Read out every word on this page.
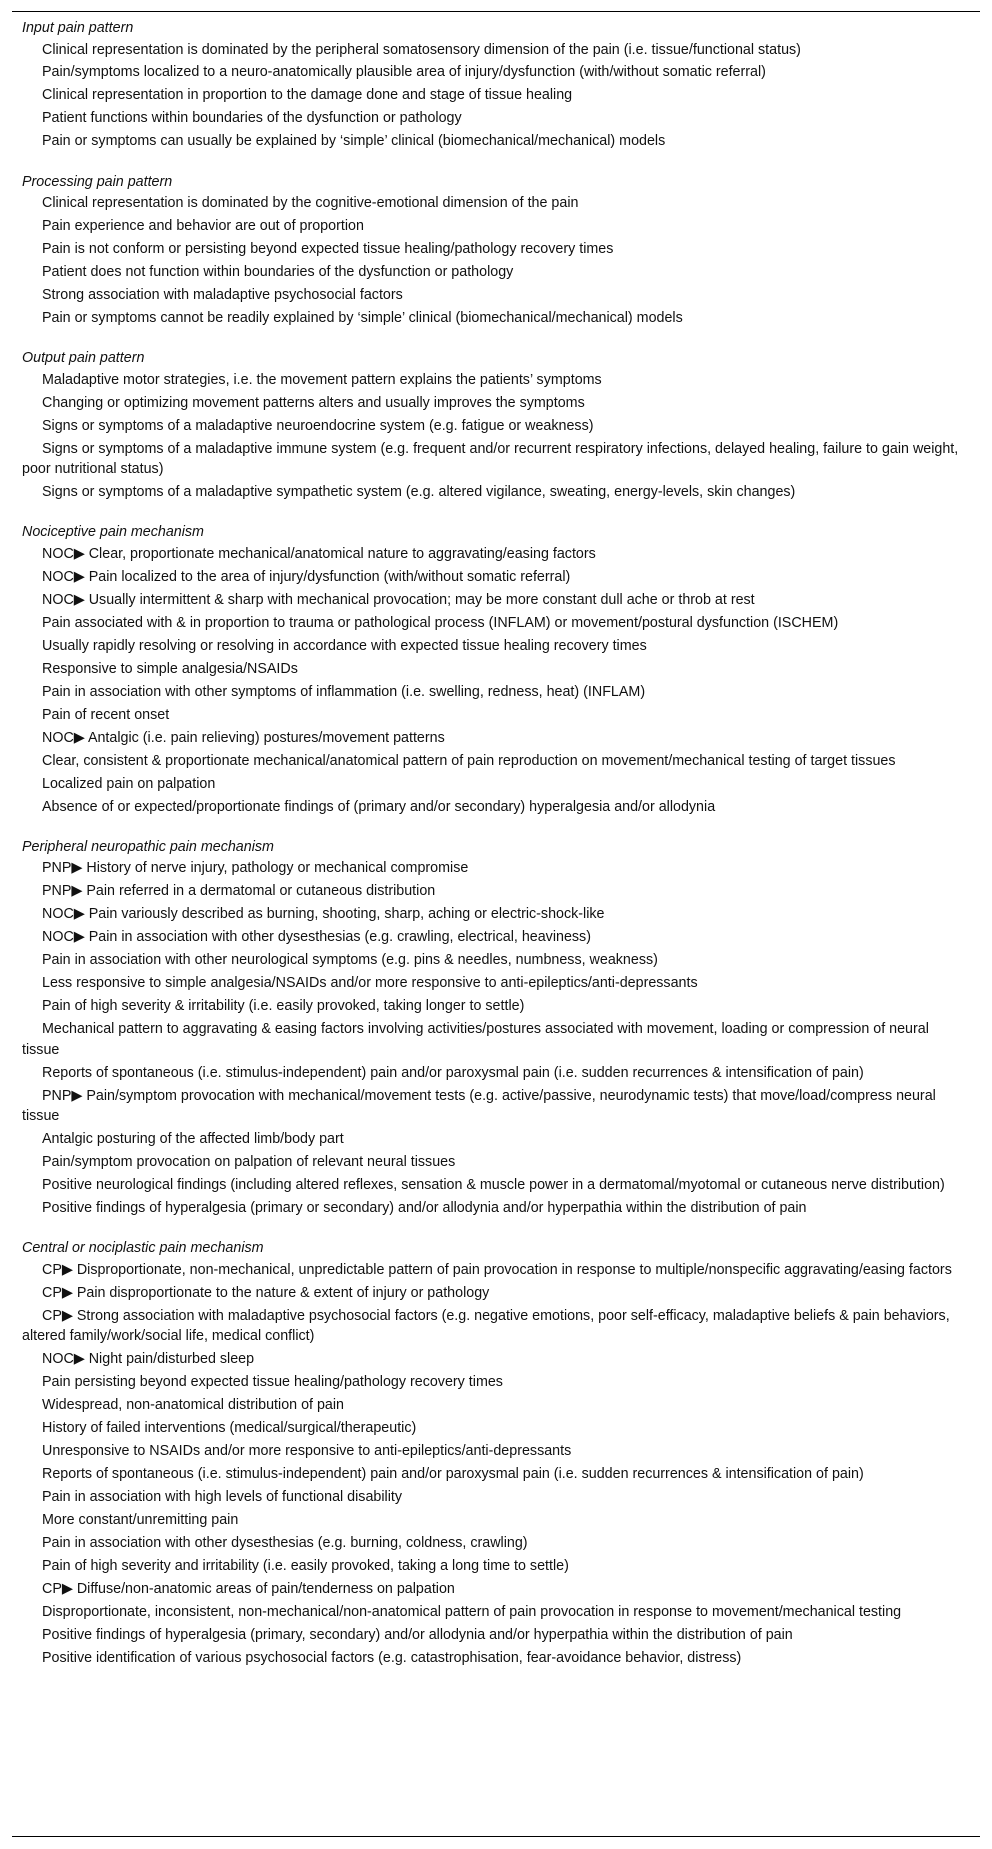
Input pain pattern
Clinical representation is dominated by the peripheral somatosensory dimension of the pain (i.e. tissue/functional status)
Pain/symptoms localized to a neuro-anatomically plausible area of injury/dysfunction (with/without somatic referral)
Clinical representation in proportion to the damage done and stage of tissue healing
Patient functions within boundaries of the dysfunction or pathology
Pain or symptoms can usually be explained by ‘simple’ clinical (biomechanical/mechanical) models
Processing pain pattern
Clinical representation is dominated by the cognitive-emotional dimension of the pain
Pain experience and behavior are out of proportion
Pain is not conform or persisting beyond expected tissue healing/pathology recovery times
Patient does not function within boundaries of the dysfunction or pathology
Strong association with maladaptive psychosocial factors
Pain or symptoms cannot be readily explained by ‘simple’ clinical (biomechanical/mechanical) models
Output pain pattern
Maladaptive motor strategies, i.e. the movement pattern explains the patients’ symptoms
Changing or optimizing movement patterns alters and usually improves the symptoms
Signs or symptoms of a maladaptive neuroendocrine system (e.g. fatigue or weakness)
Signs or symptoms of a maladaptive immune system (e.g. frequent and/or recurrent respiratory infections, delayed healing, failure to gain weight, poor nutritional status)
Signs or symptoms of a maladaptive sympathetic system (e.g. altered vigilance, sweating, energy-levels, skin changes)
Nociceptive pain mechanism
NOC▶ Clear, proportionate mechanical/anatomical nature to aggravating/easing factors
NOC▶ Pain localized to the area of injury/dysfunction (with/without somatic referral)
NOC▶ Usually intermittent & sharp with mechanical provocation; may be more constant dull ache or throb at rest
Pain associated with & in proportion to trauma or pathological process (INFLAM) or movement/postural dysfunction (ISCHEM)
Usually rapidly resolving or resolving in accordance with expected tissue healing recovery times
Responsive to simple analgesia/NSAIDs
Pain in association with other symptoms of inflammation (i.e. swelling, redness, heat) (INFLAM)
Pain of recent onset
NOC▶ Antalgic (i.e. pain relieving) postures/movement patterns
Clear, consistent & proportionate mechanical/anatomical pattern of pain reproduction on movement/mechanical testing of target tissues
Localized pain on palpation
Absence of or expected/proportionate findings of (primary and/or secondary) hyperalgesia and/or allodynia
Peripheral neuropathic pain mechanism
PNP▶ History of nerve injury, pathology or mechanical compromise
PNP▶ Pain referred in a dermatomal or cutaneous distribution
NOC▶ Pain variously described as burning, shooting, sharp, aching or electric-shock-like
NOC▶ Pain in association with other dysesthesias (e.g. crawling, electrical, heaviness)
Pain in association with other neurological symptoms (e.g. pins & needles, numbness, weakness)
Less responsive to simple analgesia/NSAIDs and/or more responsive to anti-epileptics/anti-depressants
Pain of high severity & irritability (i.e. easily provoked, taking longer to settle)
Mechanical pattern to aggravating & easing factors involving activities/postures associated with movement, loading or compression of neural tissue
Reports of spontaneous (i.e. stimulus-independent) pain and/or paroxysmal pain (i.e. sudden recurrences & intensification of pain)
PNP▶ Pain/symptom provocation with mechanical/movement tests (e.g. active/passive, neurodynamic tests) that move/load/compress neural tissue
Antalgic posturing of the affected limb/body part
Pain/symptom provocation on palpation of relevant neural tissues
Positive neurological findings (including altered reflexes, sensation & muscle power in a dermatomal/myotomal or cutaneous nerve distribution)
Positive findings of hyperalgesia (primary or secondary) and/or allodynia and/or hyperpathia within the distribution of pain
Central or nociplastic pain mechanism
CP▶ Disproportionate, non-mechanical, unpredictable pattern of pain provocation in response to multiple/nonspecific aggravating/easing factors
CP▶ Pain disproportionate to the nature & extent of injury or pathology
CP▶ Strong association with maladaptive psychosocial factors (e.g. negative emotions, poor self-efficacy, maladaptive beliefs & pain behaviors, altered family/work/social life, medical conflict)
NOC▶ Night pain/disturbed sleep
Pain persisting beyond expected tissue healing/pathology recovery times
Widespread, non-anatomical distribution of pain
History of failed interventions (medical/surgical/therapeutic)
Unresponsive to NSAIDs and/or more responsive to anti-epileptics/anti-depressants
Reports of spontaneous (i.e. stimulus-independent) pain and/or paroxysmal pain (i.e. sudden recurrences & intensification of pain)
Pain in association with high levels of functional disability
More constant/unremitting pain
Pain in association with other dysesthesias (e.g. burning, coldness, crawling)
Pain of high severity and irritability (i.e. easily provoked, taking a long time to settle)
CP▶ Diffuse/non-anatomic areas of pain/tenderness on palpation
Disproportionate, inconsistent, non-mechanical/non-anatomical pattern of pain provocation in response to movement/mechanical testing
Positive findings of hyperalgesia (primary, secondary) and/or allodynia and/or hyperpathia within the distribution of pain
Positive identification of various psychosocial factors (e.g. catastrophisation, fear-avoidance behavior, distress)
